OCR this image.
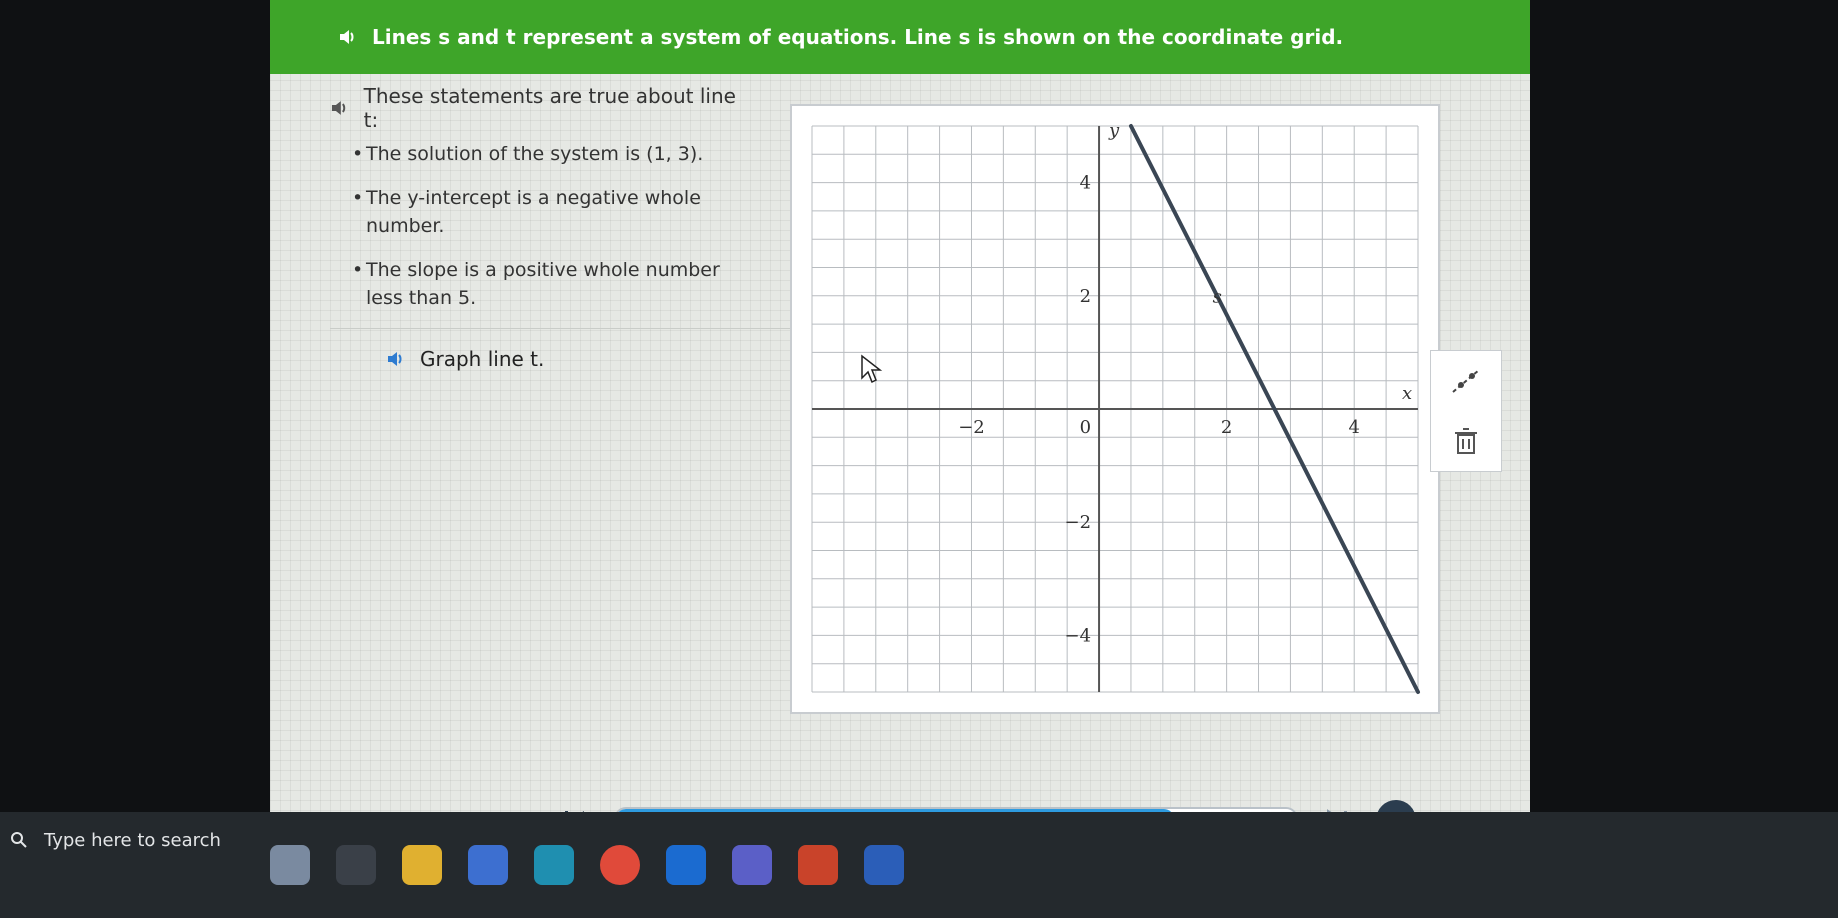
Lines s and t represent a system of equations. Line s is shown on the coordinate grid.
These statements are true about line t:
• The solution of the system is (1, 3).
• The y-intercept is a negative whole number.
• The slope is a positive whole number less than 5.
Graph line t.
x
y
−2	2	4
0
4
2
−2
−4
s
Type here to search
